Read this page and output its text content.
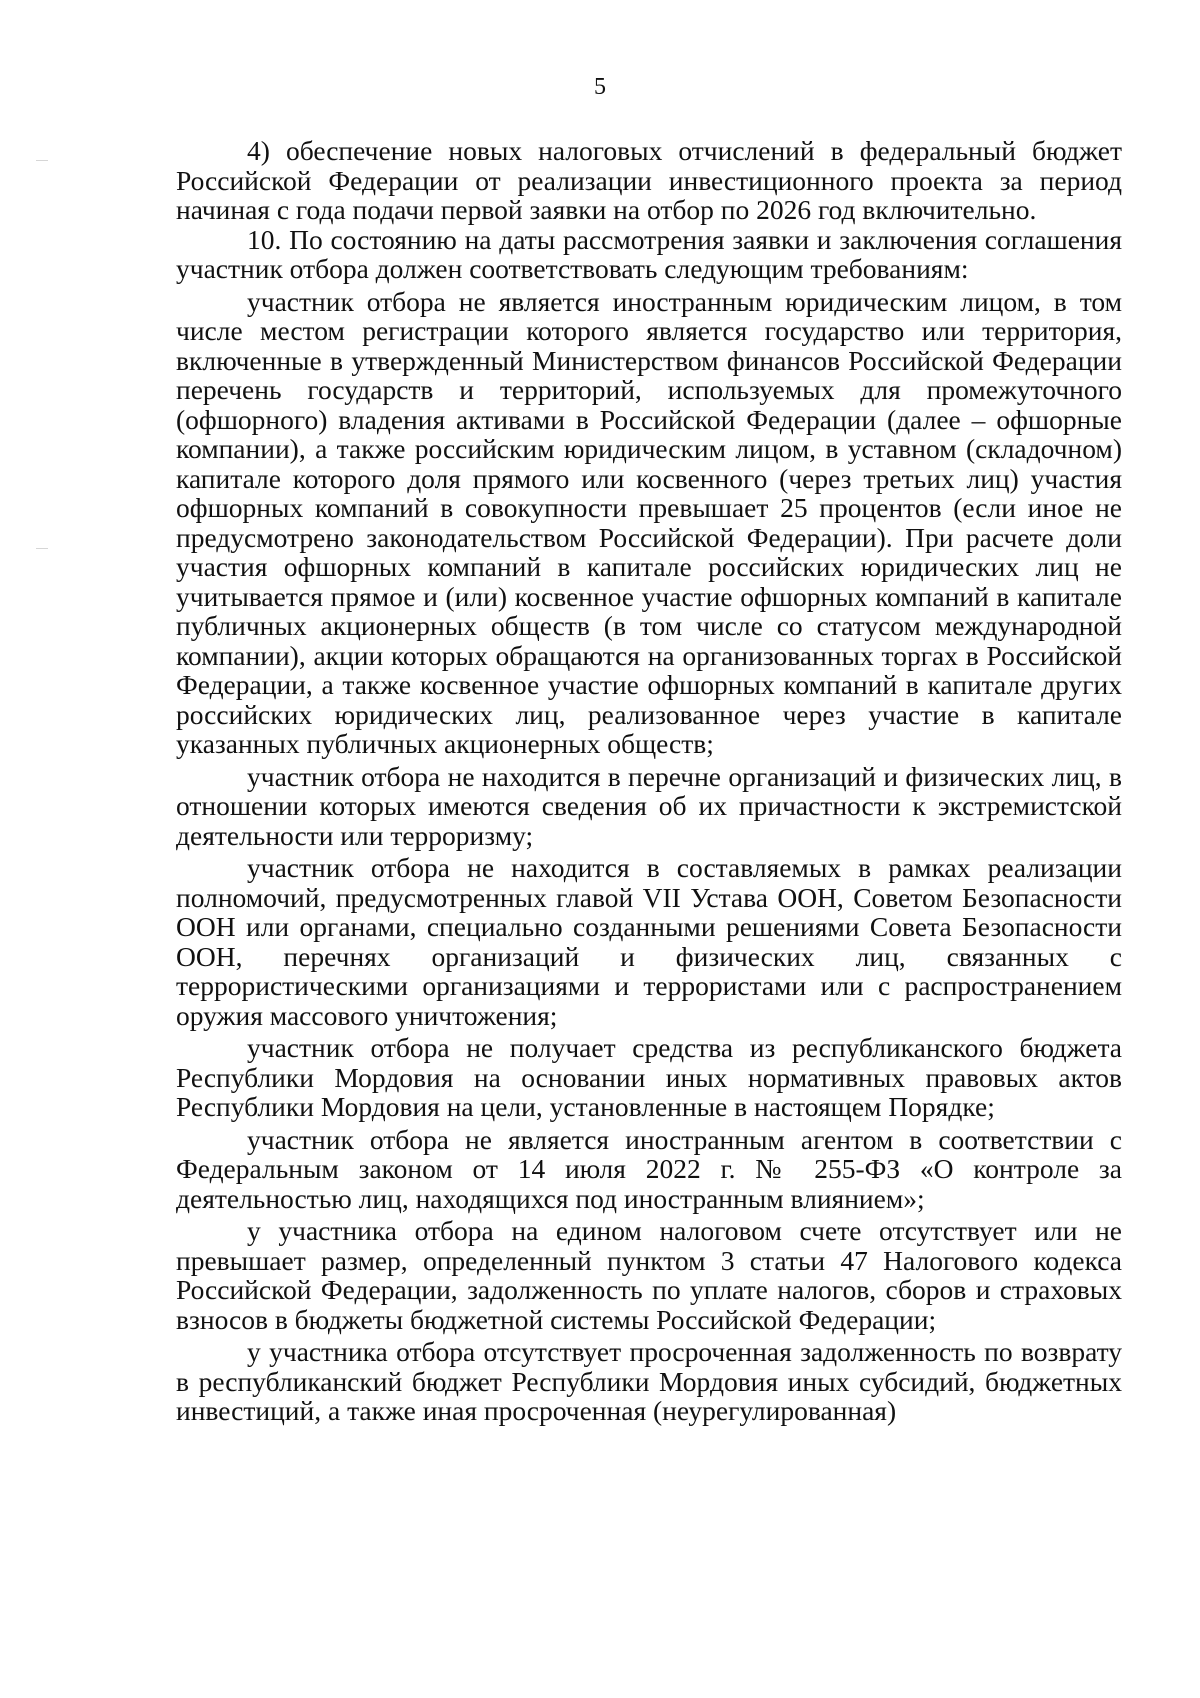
5

4) обеспечение новых налоговых отчислений в федеральный бюджет Российской Федерации от реализации инвестиционного проекта за период начиная с года подачи первой заявки на отбор по 2026 год включительно.

10. По состоянию на даты рассмотрения заявки и заключения соглашения участник отбора должен соответствовать следующим требованиям:

участник отбора не является иностранным юридическим лицом, в том числе местом регистрации которого является государство или территория, включенные в утвержденный Министерством финансов Российской Федерации перечень государств и территорий, используемых для промежуточного (офшорного) владения активами в Российской Федерации (далее – офшорные компании), а также российским юридическим лицом, в уставном (складочном) капитале которого доля прямого или косвенного (через третьих лиц) участия офшорных компаний в совокупности превышает 25 процентов (если иное не предусмотрено законодательством Российской Федерации). При расчете доли участия офшорных компаний в капитале российских юридических лиц не учитывается прямое и (или) косвенное участие офшорных компаний в капитале публичных акционерных обществ (в том числе со статусом международной компании), акции которых обращаются на организованных торгах в Российской Федерации, а также косвенное участие офшорных компаний в капитале других российских юридических лиц, реализованное через участие в капитале указанных публичных акционерных обществ;

участник отбора не находится в перечне организаций и физических лиц, в отношении которых имеются сведения об их причастности к экстремистской деятельности или терроризму;

участник отбора не находится в составляемых в рамках реализации полномочий, предусмотренных главой VII Устава ООН, Советом Безопасности ООН или органами, специально созданными решениями Совета Безопасности ООН, перечнях организаций и физических лиц, связанных с террористическими организациями и террористами или с распространением оружия массового уничтожения;

участник отбора не получает средства из республиканского бюджета Республики Мордовия на основании иных нормативных правовых актов Республики Мордовия на цели, установленные в настоящем Порядке;

участник отбора не является иностранным агентом в соответствии с Федеральным законом от 14 июля 2022 г. № 255-ФЗ «О контроле за деятельностью лиц, находящихся под иностранным влиянием»;

у участника отбора на едином налоговом счете отсутствует или не превышает размер, определенный пунктом 3 статьи 47 Налогового кодекса Российской Федерации, задолженность по уплате налогов, сборов и страховых взносов в бюджеты бюджетной системы Российской Федерации;

у участника отбора отсутствует просроченная задолженность по возврату в республиканский бюджет Республики Мордовия иных субсидий, бюджетных инвестиций, а также иная просроченная (неурегулированная)
